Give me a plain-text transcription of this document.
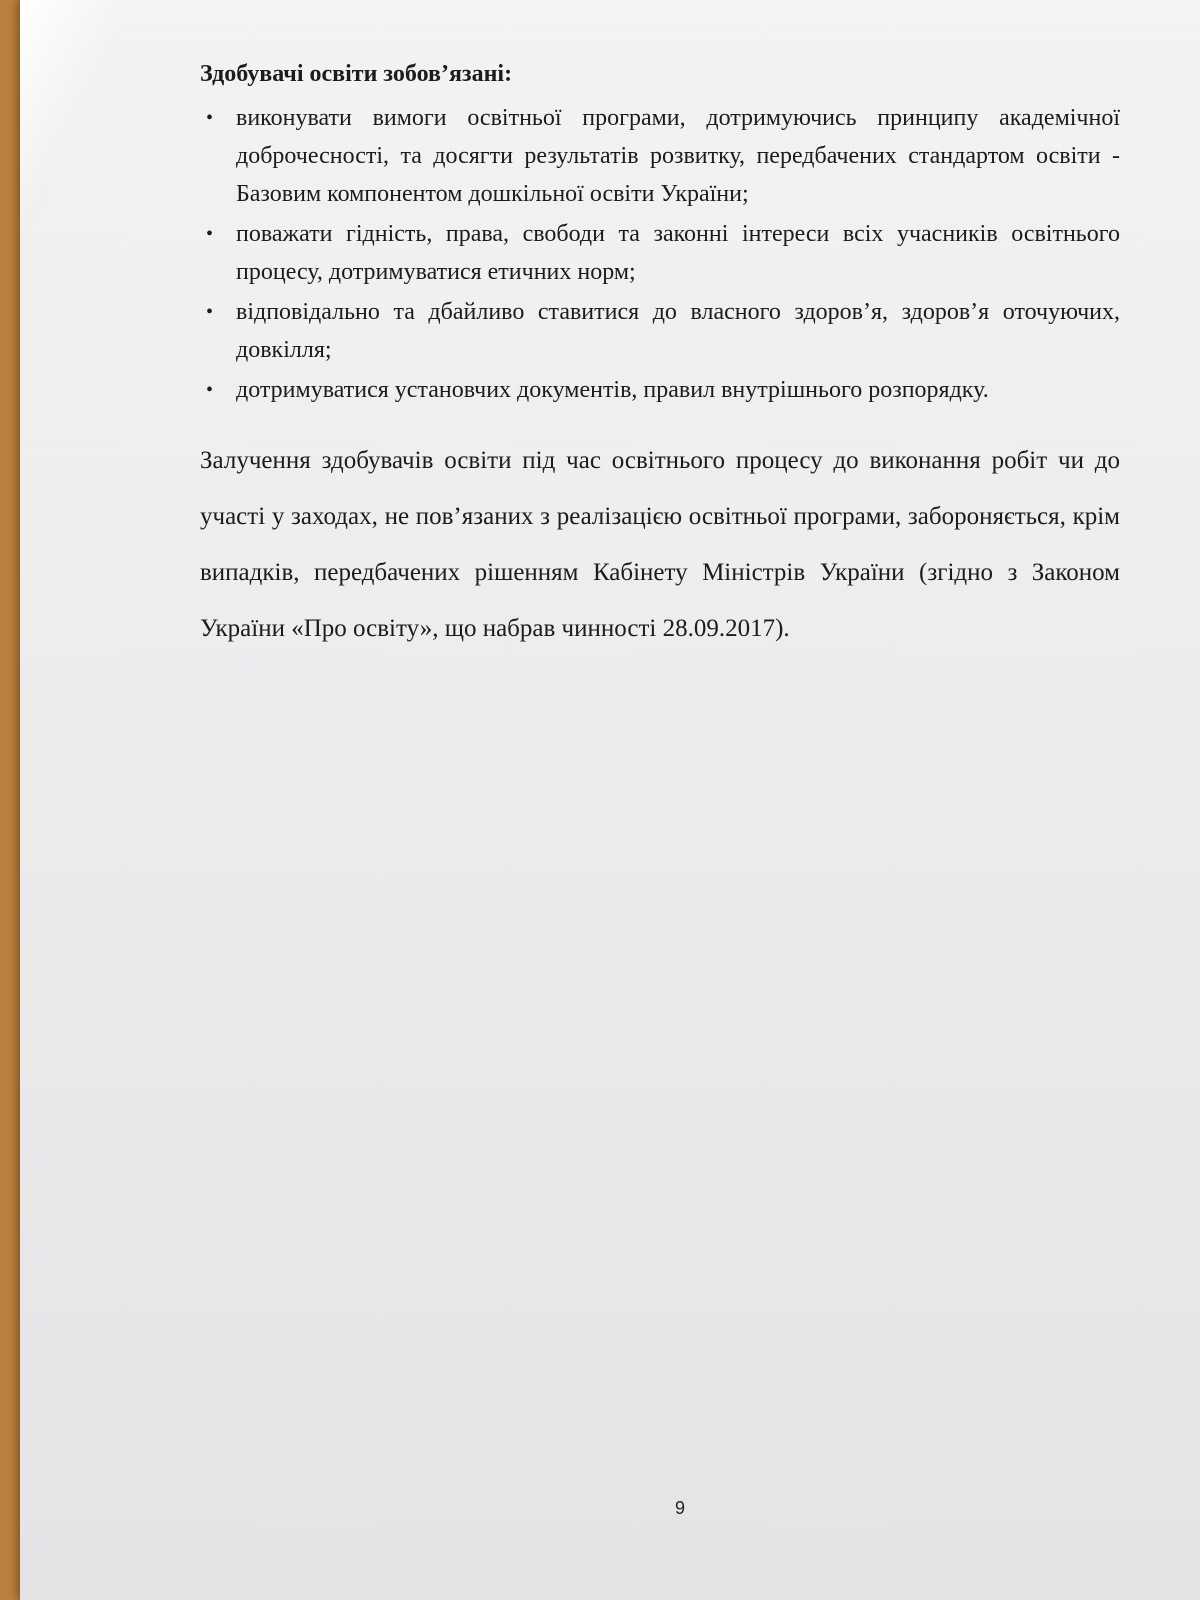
Здобувачі освіти зобов’язані:
• виконувати вимоги освітньої програми, дотримуючись принципу академічної доброчесності, та досягти результатів розвитку, передбачених стандартом освіти - Базовим компонентом дошкільної освіти України;
• поважати гідність, права, свободи та законні інтереси всіх учасників освітнього процесу, дотримуватися етичних норм;
• відповідально та дбайливо ставитися до власного здоров’я, здоров’я оточуючих, довкілля;
• дотримуватися установчих документів, правил внутрішнього розпорядку.

Залучення здобувачів освіти під час освітнього процесу до виконання робіт чи до участі у заходах, не пов’язаних з реалізацією освітньої програми, забороняється, крім випадків, передбачених рішенням Кабінету Міністрів України (згідно з Законом України «Про освіту», що набрав чинності 28.09.2017).

9
